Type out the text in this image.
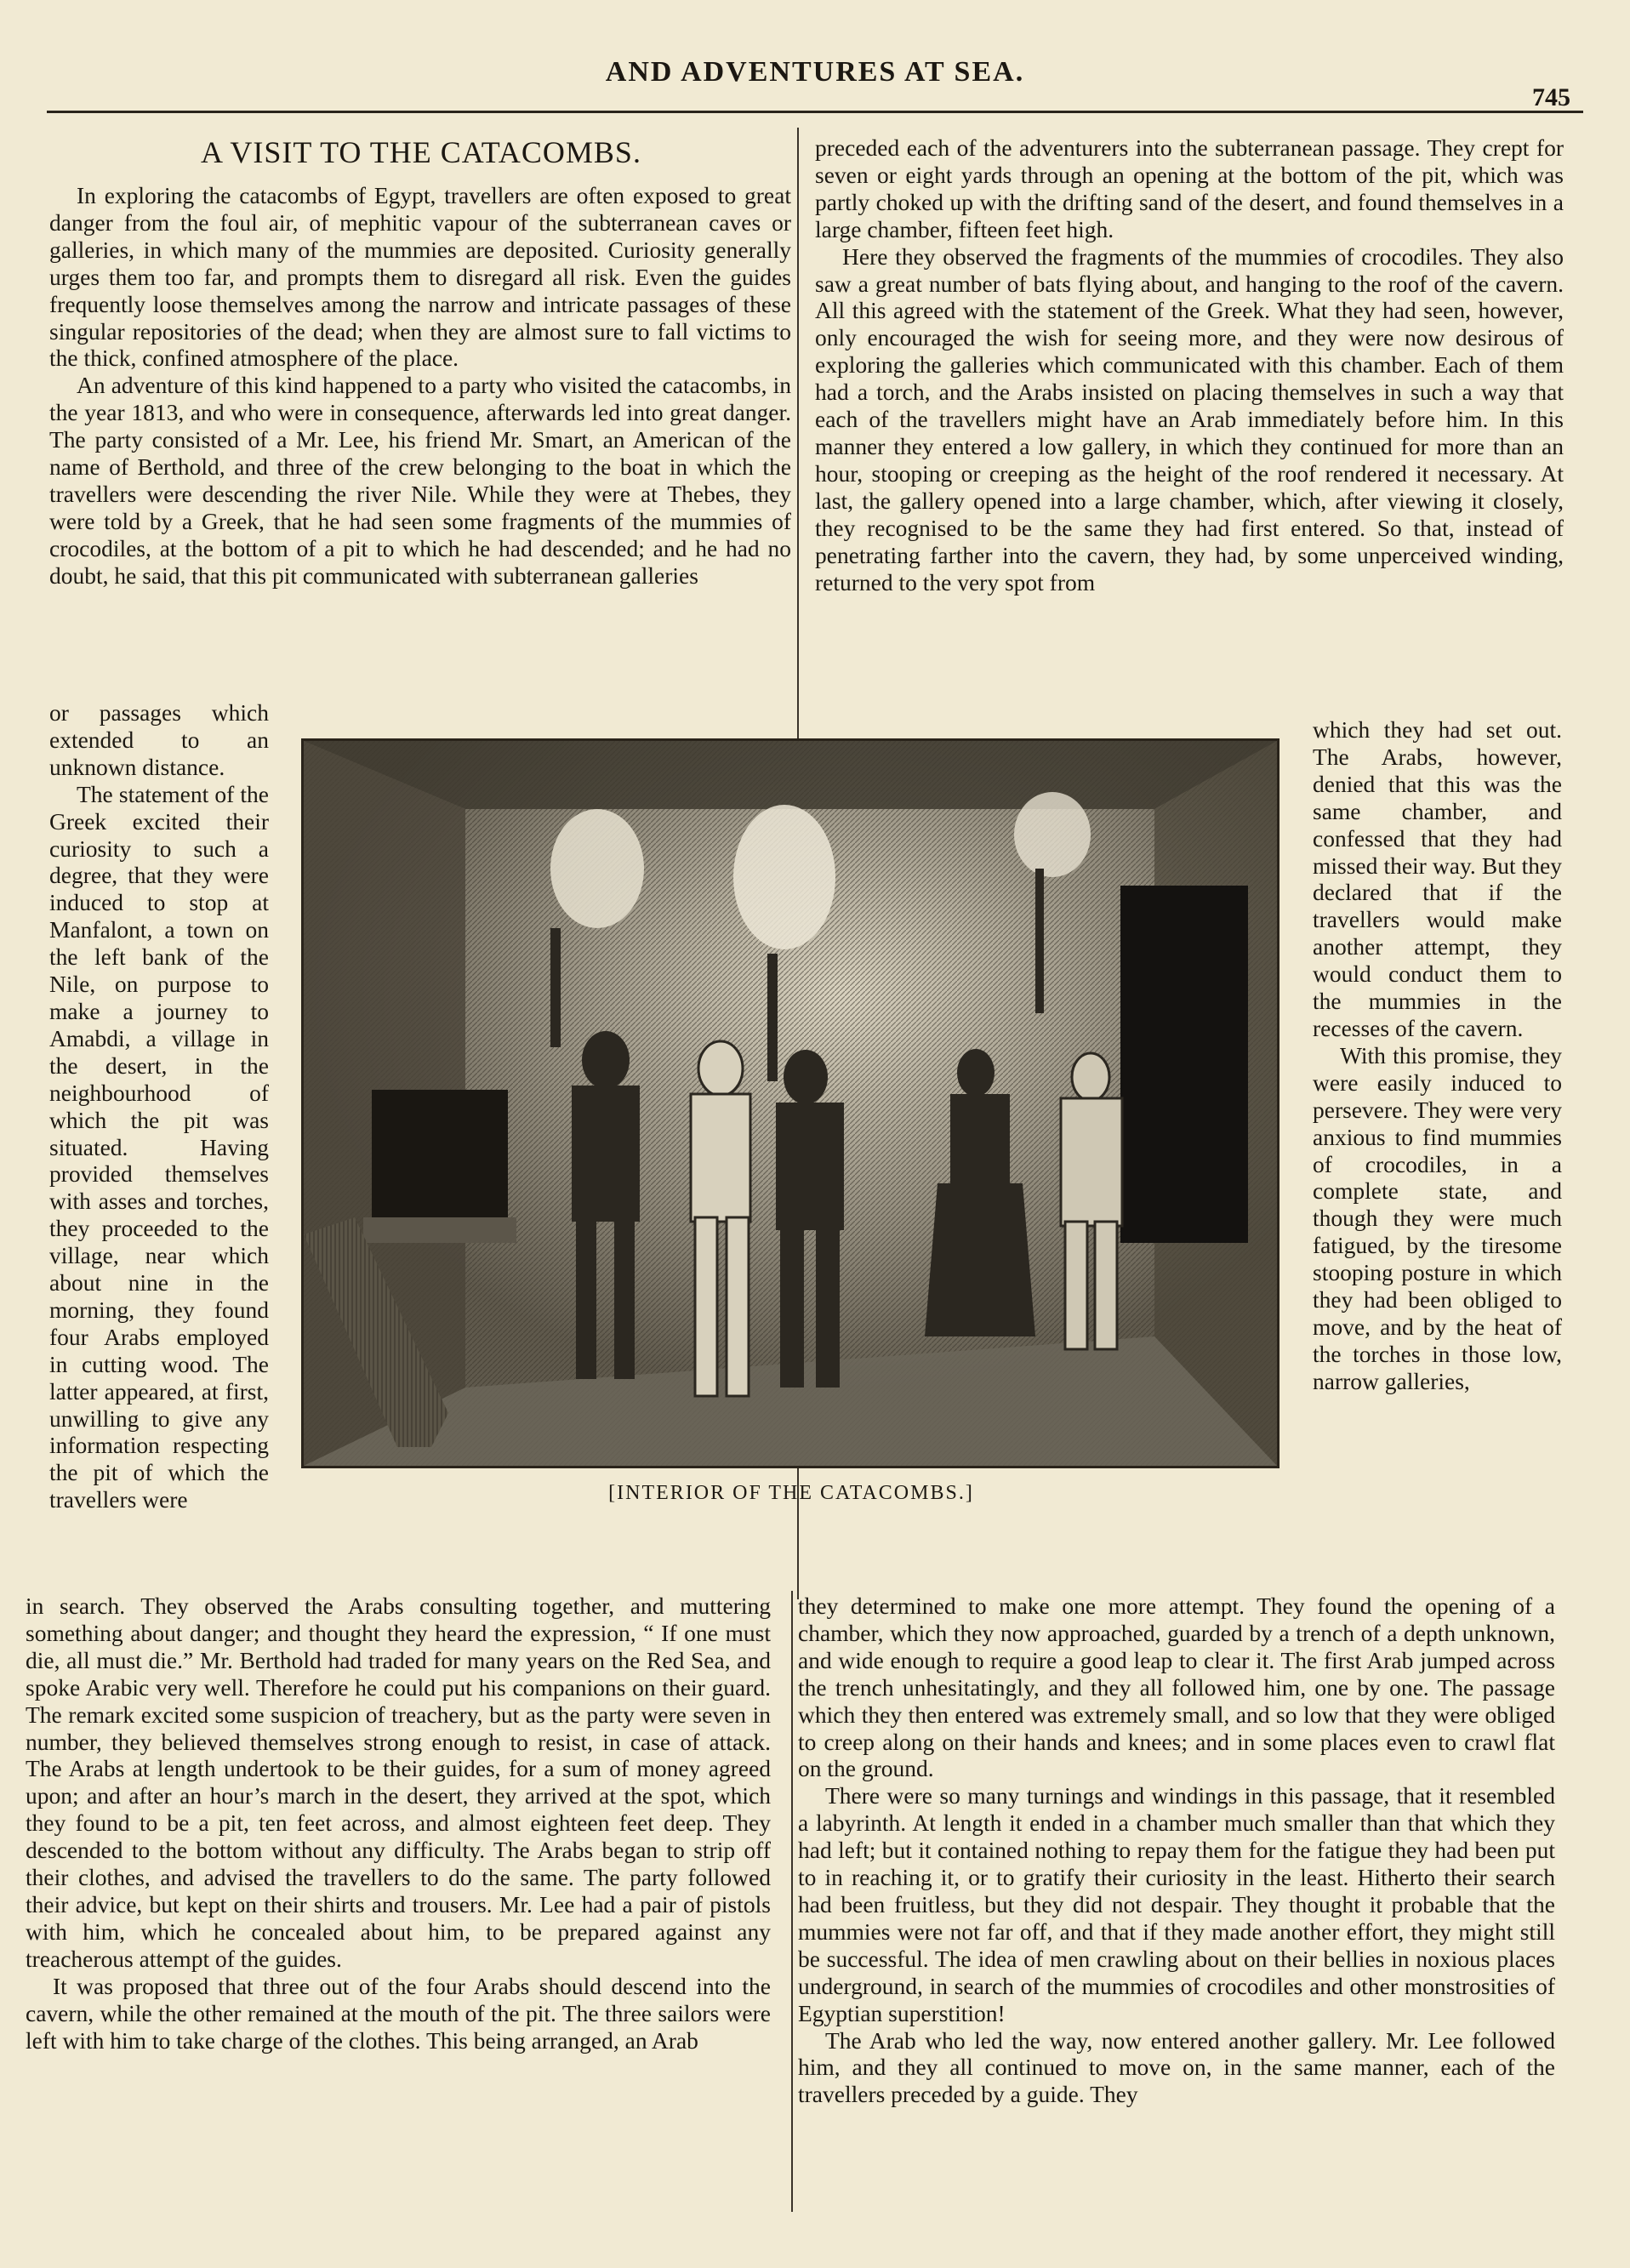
AND ADVENTURES AT SEA.
745
A VISIT TO THE CATACOMBS.

In exploring the catacombs of Egypt, travellers are often exposed to great danger from the foul air, of mephitic vapour of the subterranean caves or galleries, in which many of the mummies are deposited. Curiosity generally urges them too far, and prompts them to disregard all risk. Even the guides frequently loose themselves among the narrow and intricate passages of these singular repositories of the dead; when they are almost sure to fall victims to the thick, confined atmosphere of the place.

An adventure of this kind happened to a party who visited the catacombs, in the year 1813, and who were in consequence, afterwards led into great danger. The party consisted of a Mr. Lee, his friend Mr. Smart, an American of the name of Berthold, and three of the crew belonging to the boat in which the travellers were descending the river Nile. While they were at Thebes, they were told by a Greek, that he had seen some fragments of the mummies of crocodiles, at the bottom of a pit to which he had descended; and he had no doubt, he said, that this pit communicated with subterranean galleries

preceded each of the adventurers into the subterranean passage. They crept for seven or eight yards through an opening at the bottom of the pit, which was partly choked up with the drifting sand of the desert, and found themselves in a large chamber, fifteen feet high.

Here they observed the fragments of the mummies of crocodiles. They also saw a great number of bats flying about, and hanging to the roof of the cavern. All this agreed with the statement of the Greek. What they had seen, however, only encouraged the wish for seeing more, and they were now desirous of exploring the galleries which communicated with this chamber. Each of them had a torch, and the Arabs insisted on placing themselves in such a way that each of the travellers might have an Arab immediately before him. In this manner they entered a low gallery, in which they continued for more than an hour, stooping or creeping as the height of the roof rendered it necessary. At last, the gallery opened into a large chamber, which, after viewing it closely, they recognised to be the same they had first entered. So that, instead of penetrating farther into the cavern, they had, by some unperceived winding, returned to the very spot from

or passages which extended to an unknown distance.

The statement of the Greek excited their curiosity to such a degree, that they were induced to stop at Manfalont, a town on the left bank of the Nile, on purpose to make a journey to Amabdi, a village in the desert, in the neighbourhood of which the pit was situated. Having provided themselves with asses and torches, they proceeded to the village, near which about nine in the morning, they found four Arabs employed in cutting wood. The latter appeared, at first, unwilling to give any information respecting the pit of which the travellers were

which they had set out. The Arabs, however, denied that this was the same chamber, and confessed that they had missed their way. But they declared that if the travellers would make another attempt, they would conduct them to the mummies in the recesses of the cavern.

With this promise, they were easily induced to persevere. They were very anxious to find mummies of crocodiles, in a complete state, and though they were much fatigued, by the tiresome stooping posture in which they had been obliged to move, and by the heat of the torches in those low, narrow galleries,

[INTERIOR OF THE CATACOMBS.]

in search. They observed the Arabs consulting together, and muttering something about danger; and thought they heard the expression, “ If one must die, all must die.” Mr. Berthold had traded for many years on the Red Sea, and spoke Arabic very well. Therefore he could put his companions on their guard. The remark excited some suspicion of treachery, but as the party were seven in number, they believed themselves strong enough to resist, in case of attack. The Arabs at length undertook to be their guides, for a sum of money agreed upon; and after an hour’s march in the desert, they arrived at the spot, which they found to be a pit, ten feet across, and almost eighteen feet deep. They descended to the bottom without any difficulty. The Arabs began to strip off their clothes, and advised the travellers to do the same. The party followed their advice, but kept on their shirts and trousers. Mr. Lee had a pair of pistols with him, which he concealed about him, to be prepared against any treacherous attempt of the guides.

It was proposed that three out of the four Arabs should descend into the cavern, while the other remained at the mouth of the pit. The three sailors were left with him to take charge of the clothes. This being arranged, an Arab

they determined to make one more attempt. They found the opening of a chamber, which they now approached, guarded by a trench of a depth unknown, and wide enough to require a good leap to clear it. The first Arab jumped across the trench unhesitatingly, and they all followed him, one by one. The passage which they then entered was extremely small, and so low that they were obliged to creep along on their hands and knees; and in some places even to crawl flat on the ground.

There were so many turnings and windings in this passage, that it resembled a labyrinth. At length it ended in a chamber much smaller than that which they had left; but it contained nothing to repay them for the fatigue they had been put to in reaching it, or to gratify their curiosity in the least. Hitherto their search had been fruitless, but they did not despair. They thought it probable that the mummies were not far off, and that if they made another effort, they might still be successful. The idea of men crawling about on their bellies in noxious places underground, in search of the mummies of crocodiles and other monstrosities of Egyptian superstition!

The Arab who led the way, now entered another gallery. Mr. Lee followed him, and they all continued to move on, in the same manner, each of the travellers preceded by a guide. They
